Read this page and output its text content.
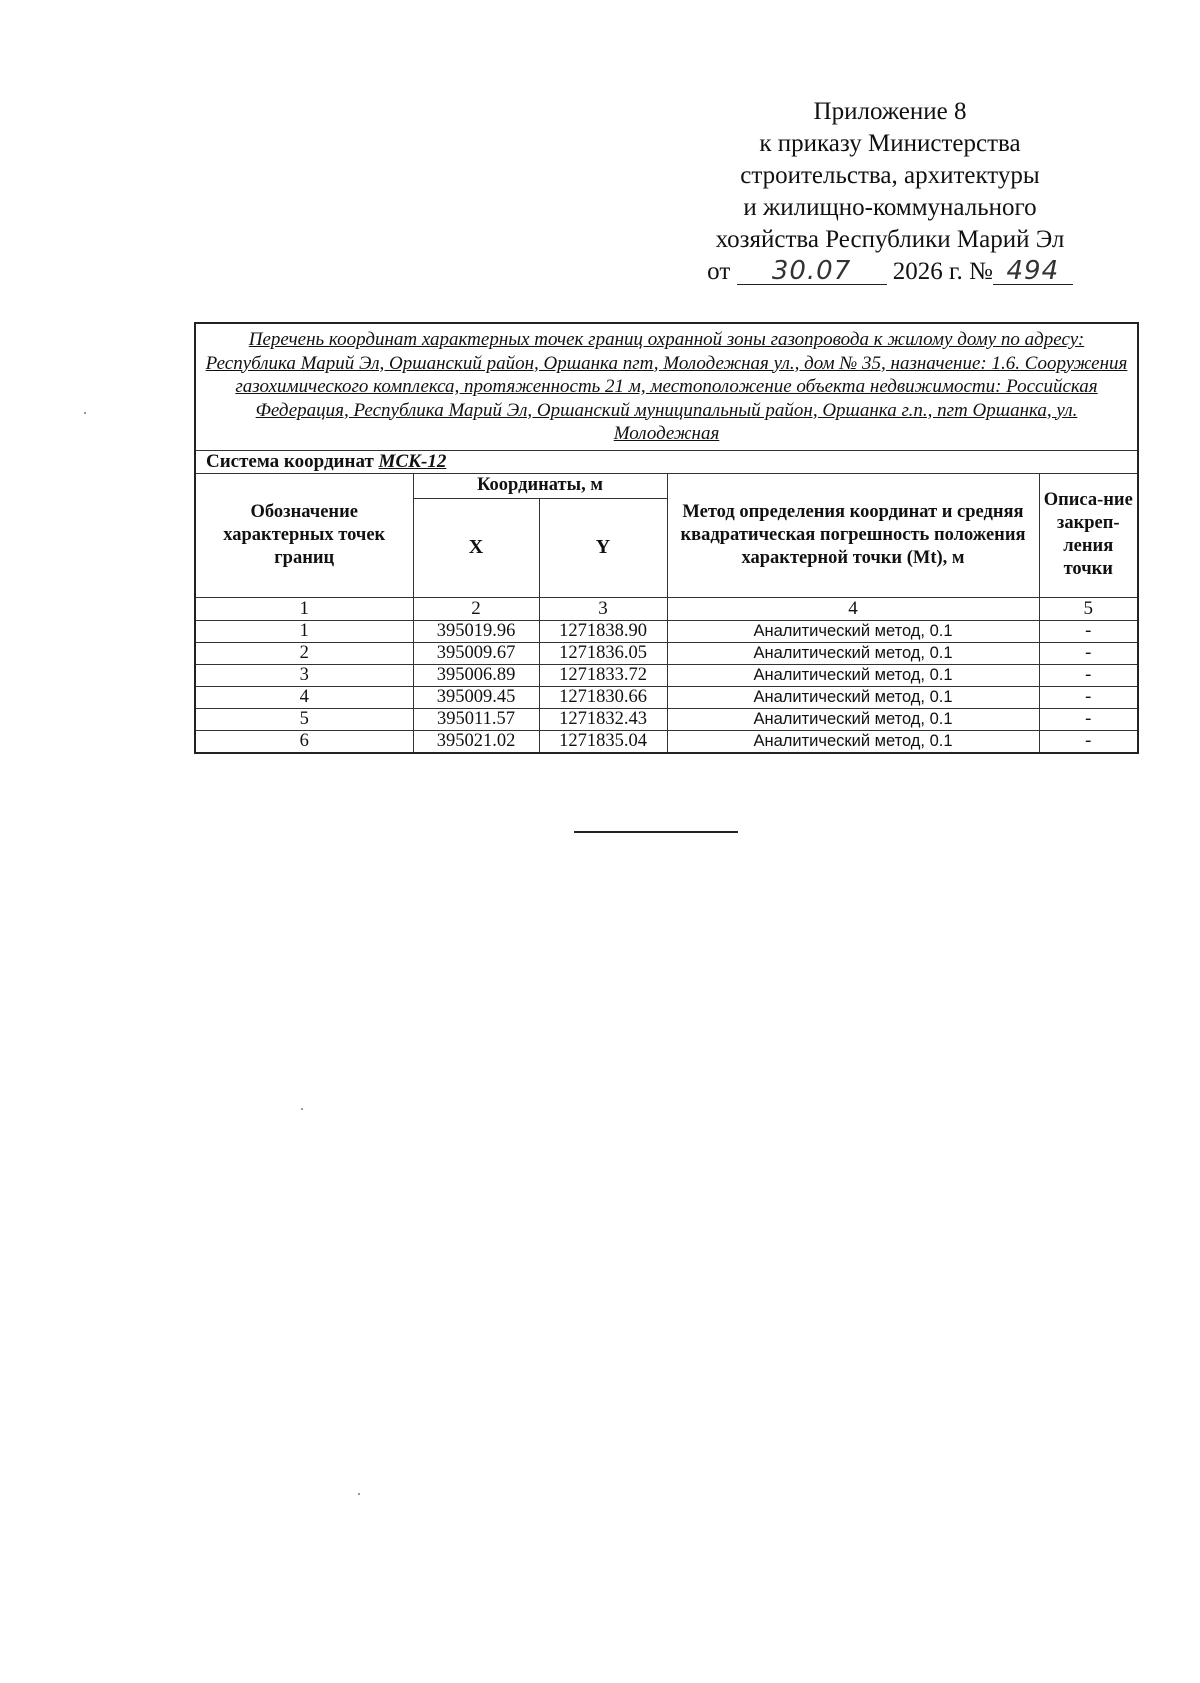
Приложение 8
к приказу Министерства
строительства, архитектуры
и жилищно-коммунального
хозяйства Республики Марий Эл
от 30.07 2026 г. № 494
Перечень координат характерных точек границ охранной зоны газопровода к жилому дому по адресу: Республика Марий Эл, Оршанский район, Оршанка пгт, Молодежная ул., дом № 35, назначение: 1.6. Сооружения газохимического комплекса, протяженность 21 м, местоположение объекта недвижимости: Российская Федерация, Республика Марий Эл, Оршанский муниципальный район, Оршанка г.п., пгт Оршанка, ул. Молодежная				
Система координат МСК-12				
Обозначение характерных точек границ	Координаты, м		Метод определения координат и средняя квадратическая погрешность положения характерной точки (Mt), м	Описа-ние закреп-ления точки
	X	Y		
1	2	3	4	5
1	395019.96	1271838.90	Аналитический метод, 0.1	-
2	395009.67	1271836.05	Аналитический метод, 0.1	-
3	395006.89	1271833.72	Аналитический метод, 0.1	-
4	395009.45	1271830.66	Аналитический метод, 0.1	-
5	395011.57	1271832.43	Аналитический метод, 0.1	-
6	395021.02	1271835.04	Аналитический метод, 0.1	-
